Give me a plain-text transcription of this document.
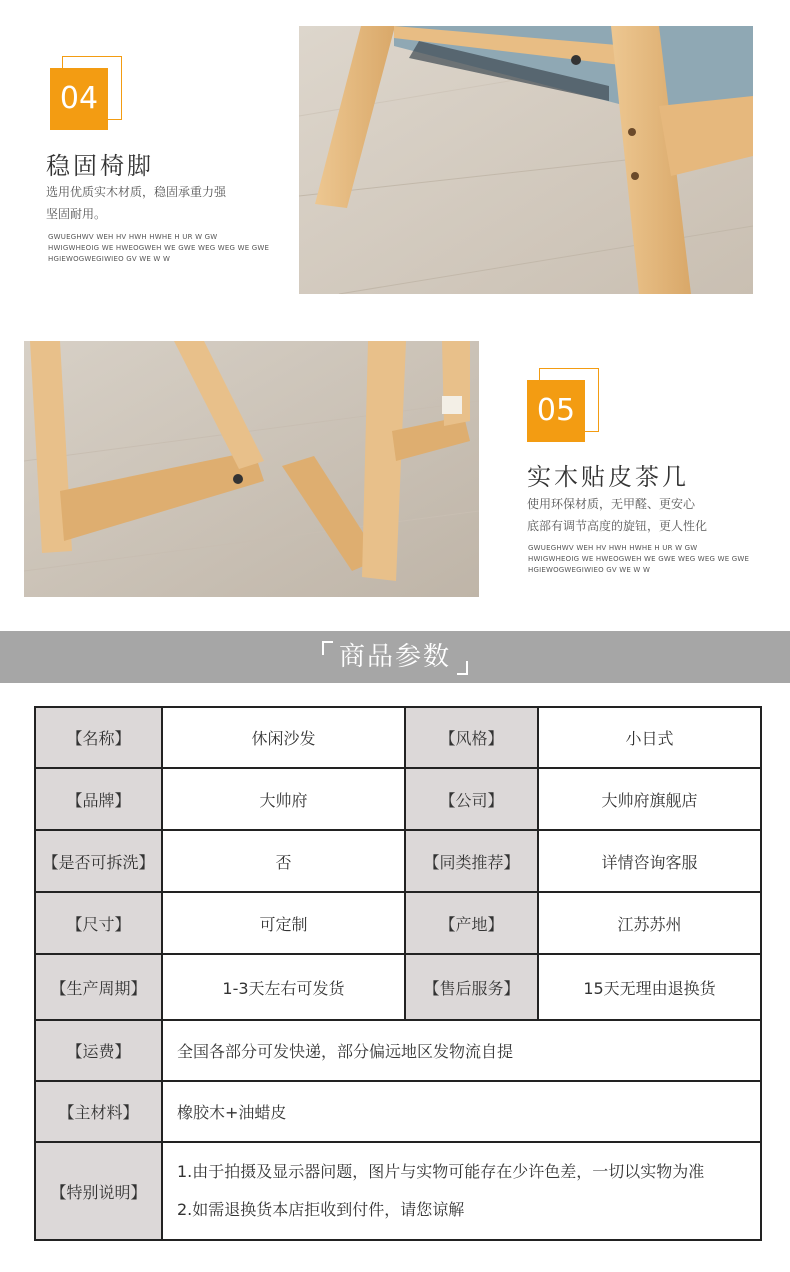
04
稳固椅脚
选用优质实木材质，稳固承重力强
坚固耐用。
GWUEGHWV WEH HV HWH HWHE H UR W GW
HWIGWHEOIG WE HWEOGWEH WE GWE WEG WEG WE GWE
HGIEWOGWEGIWIEO GV WE W W
05
实木贴皮茶几
使用环保材质，无甲醛、更安心
底部有调节高度的旋钮，更人性化
GWUEGHWV WEH HV HWH HWHE H UR W GW
HWIGWHEOIG WE HWEOGWEH WE GWE WEG WEG WE GWE
HGIEWOGWEGIWIEO GV WE W W
商品参数
【名称】	休闲沙发	【风格】	小日式
【品牌】	大帅府	【公司】	大帅府旗舰店
【是否可拆洗】	否	【同类推荐】	详情咨询客服
【尺寸】	可定制	【产地】	江苏苏州
【生产周期】	1-3天左右可发货	【售后服务】	15天无理由退换货
【运费】	全国各部分可发快递，部分偏远地区发物流自提		
【主材料】	橡胶木+油蜡皮		
【特别说明】	1.由于拍摄及显示器问题，图片与实物可能存在少许色差，一切以实物为准
2.如需退换货本店拒收到付件，请您谅解		
